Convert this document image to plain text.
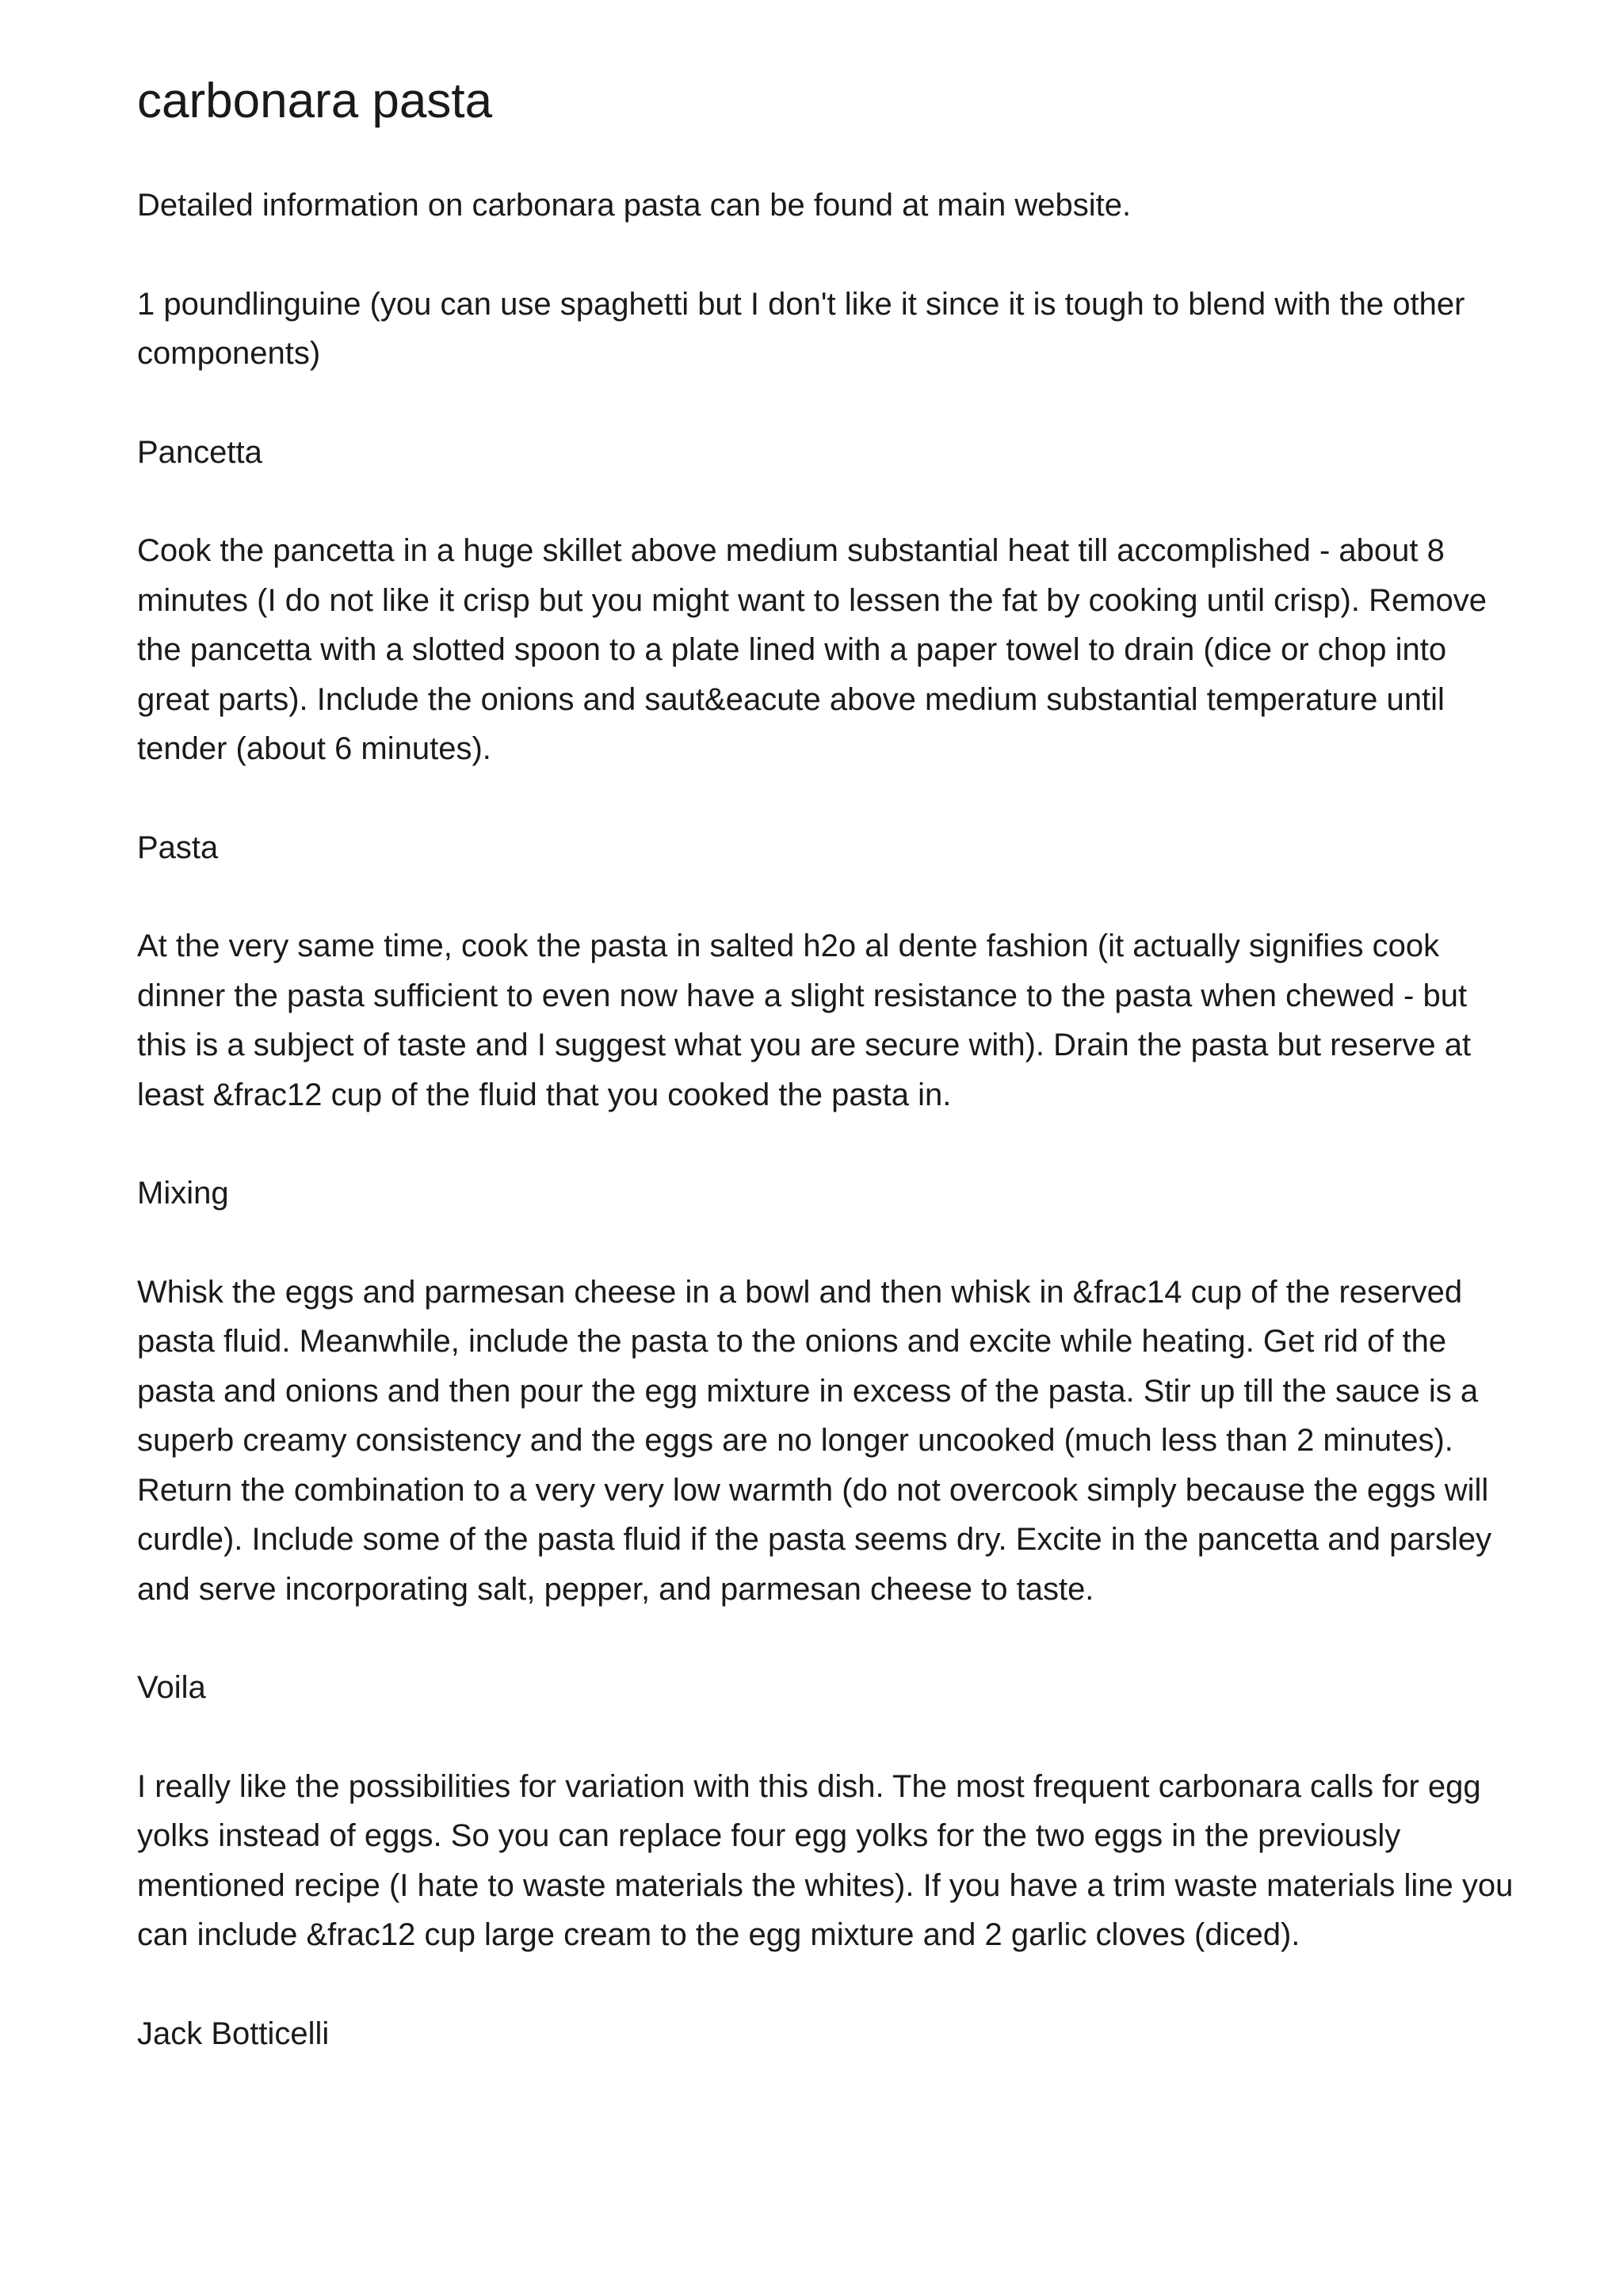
carbonara pasta

Detailed information on carbonara pasta can be found at main website.

1 poundlinguine (you can use spaghetti but I don't like it since it is tough to blend with the other components)

Pancetta

Cook the pancetta in a huge skillet above medium substantial heat till accomplished - about 8 minutes (I do not like it crisp but you might want to lessen the fat by cooking until crisp). Remove the pancetta with a slotted spoon to a plate lined with a paper towel to drain (dice or chop into great parts). Include the onions and saut&eacute above medium substantial temperature until tender (about 6 minutes).

Pasta

At the very same time, cook the pasta in salted h2o al dente fashion (it actually signifies cook dinner the pasta sufficient to even now have a slight resistance to the pasta when chewed - but this is a subject of taste and I suggest what you are secure with). Drain the pasta but reserve at least &frac12 cup of the fluid that you cooked the pasta in.

Mixing

Whisk the eggs and parmesan cheese in a bowl and then whisk in &frac14 cup of the reserved pasta fluid. Meanwhile, include the pasta to the onions and excite while heating. Get rid of the pasta and onions and then pour the egg mixture in excess of the pasta. Stir up till the sauce is a superb creamy consistency and the eggs are no longer uncooked (much less than 2 minutes). Return the combination to a very very low warmth (do not overcook simply because the eggs will curdle). Include some of the pasta fluid if the pasta seems dry. Excite in the pancetta and parsley and serve incorporating salt, pepper, and parmesan cheese to taste.

Voila

I really like the possibilities for variation with this dish. The most frequent carbonara calls for egg yolks instead of eggs. So you can replace four egg yolks for the two eggs in the previously mentioned recipe (I hate to waste materials the whites). If you have a trim waste materials line you can include &frac12 cup large cream to the egg mixture and 2 garlic cloves (diced).

Jack Botticelli
